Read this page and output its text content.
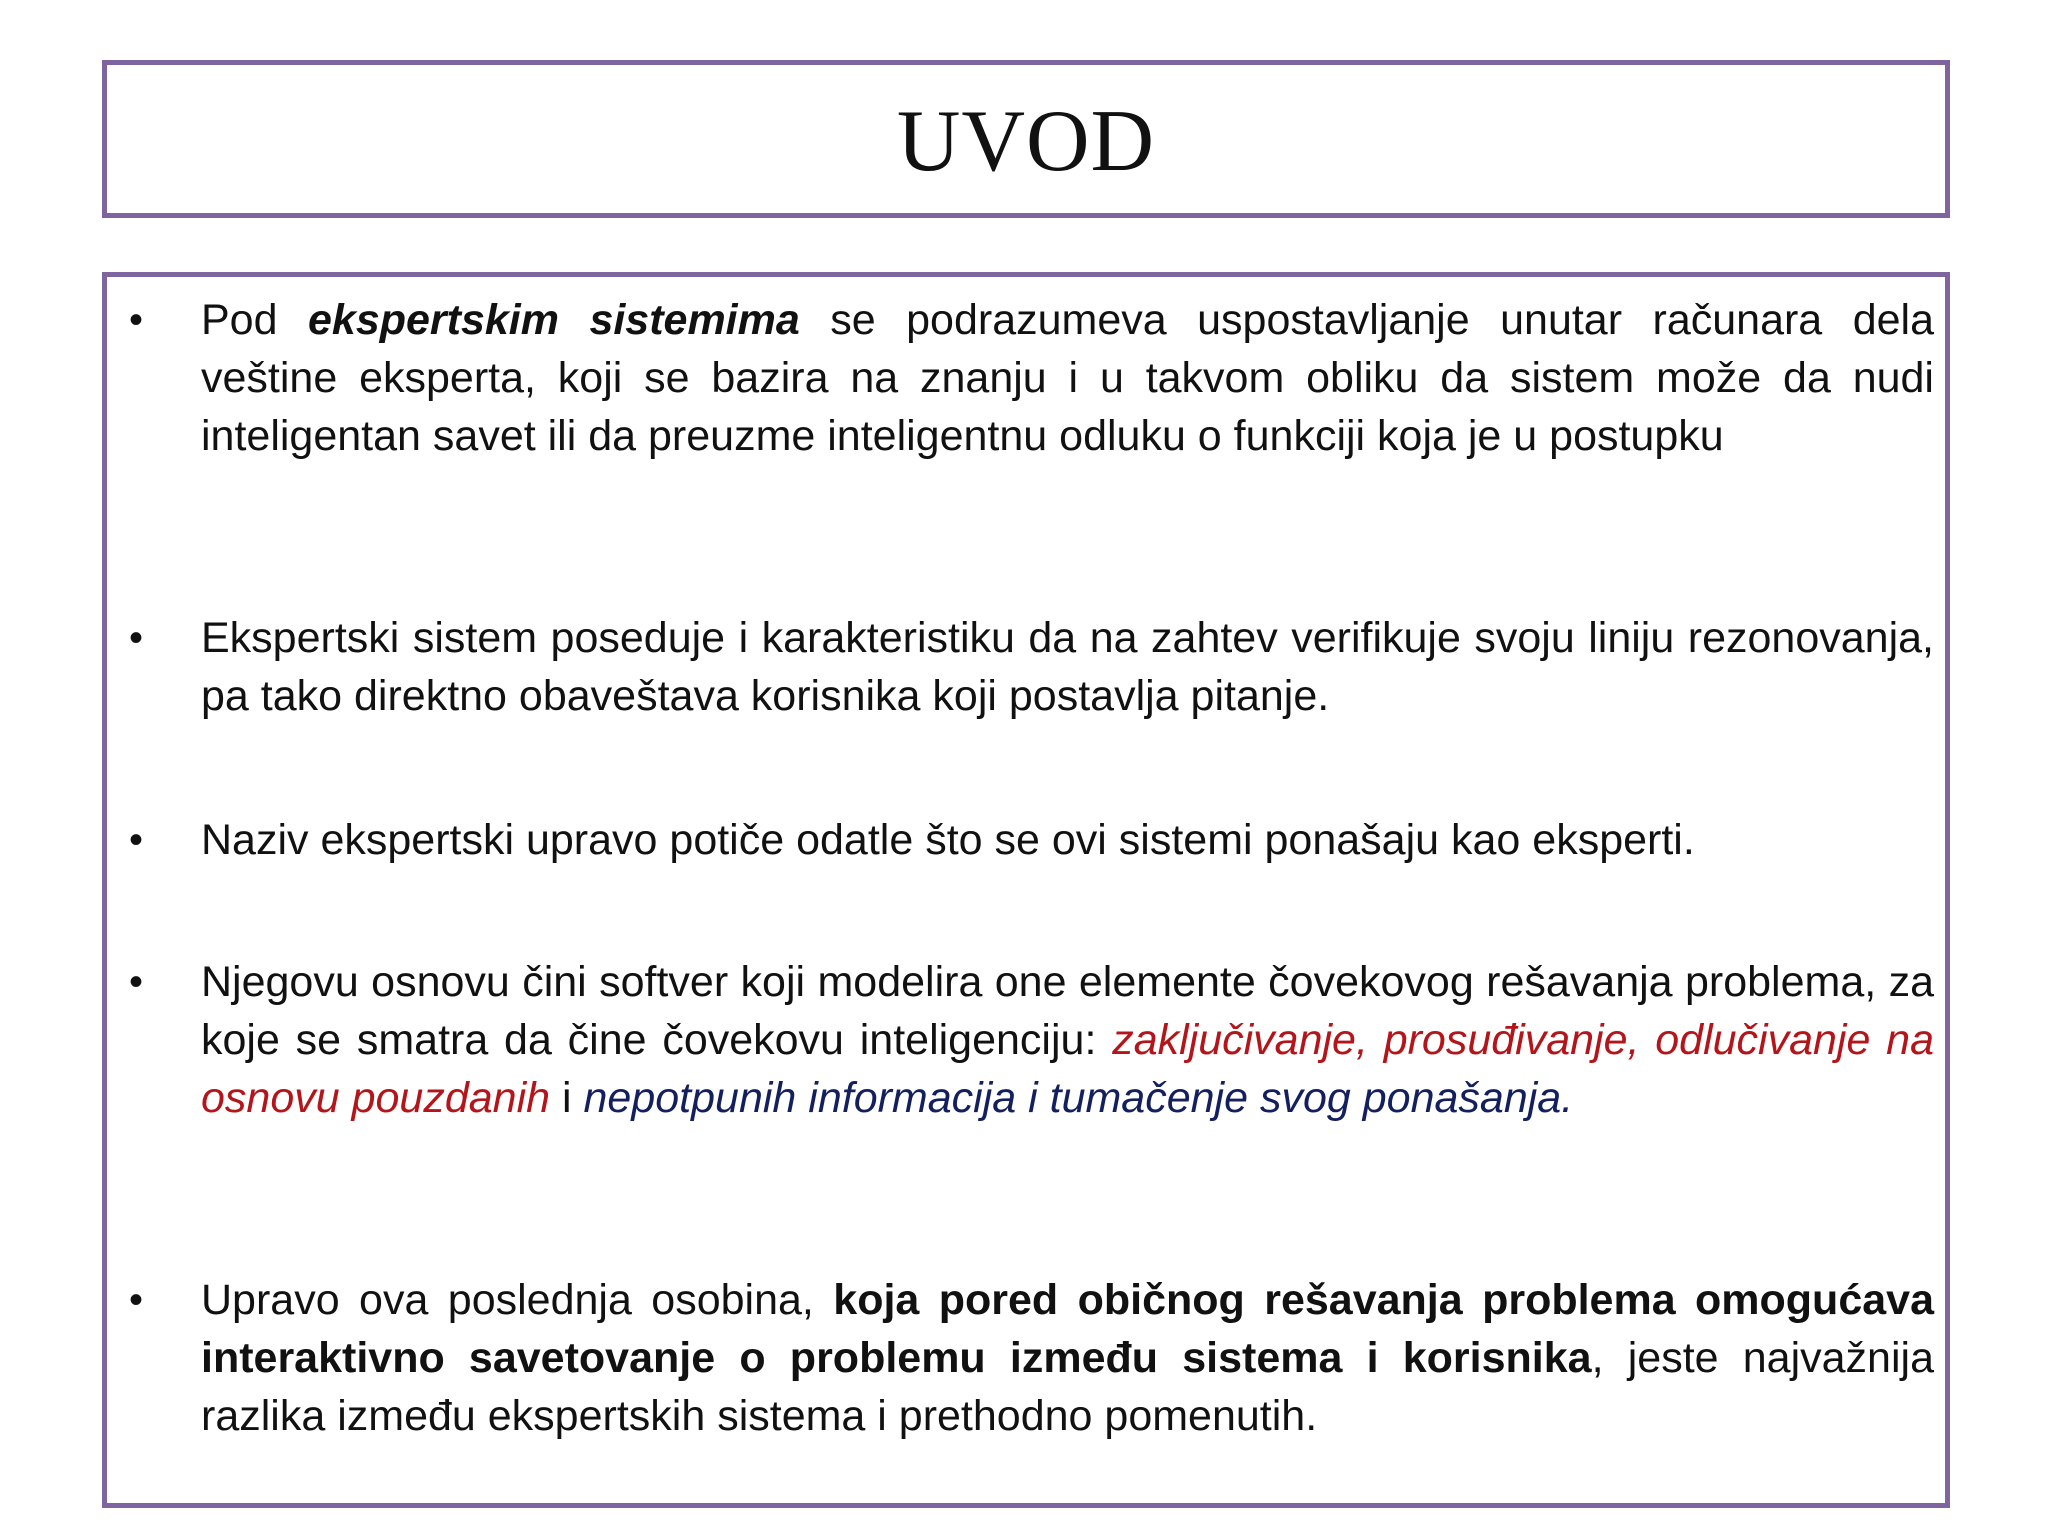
UVOD
• Pod ekspertskim sistemima se podrazumeva uspostavljanje unutar računara dela veštine eksperta, koji se bazira na znanju i u takvom obliku da sistem može da nudi inteligentan savet ili da preuzme inteligentnu odluku o funkciji koja je u postupku
• Ekspertski sistem poseduje i karakteristiku da na zahtev verifikuje svoju liniju rezonovanja, pa tako direktno obaveštava korisnika koji postavlja pitanje.
• Naziv ekspertski upravo potiče odatle što se ovi sistemi ponašaju kao eksperti.
• Njegovu osnovu čini softver koji modelira one elemente čovekovog rešavanja problema, za koje se smatra da čine čovekovu inteligenciju: zaključivanje, prosuđivanje, odlučivanje na osnovu pouzdanih i nepotpunih informacija i tumačenje svog ponašanja.
• Upravo ova poslednja osobina, koja pored običnog rešavanja problema omogućava interaktivno savetovanje o problemu između sistema i korisnika, jeste najvažnija razlika između ekspertskih sistema i prethodno pomenutih.
